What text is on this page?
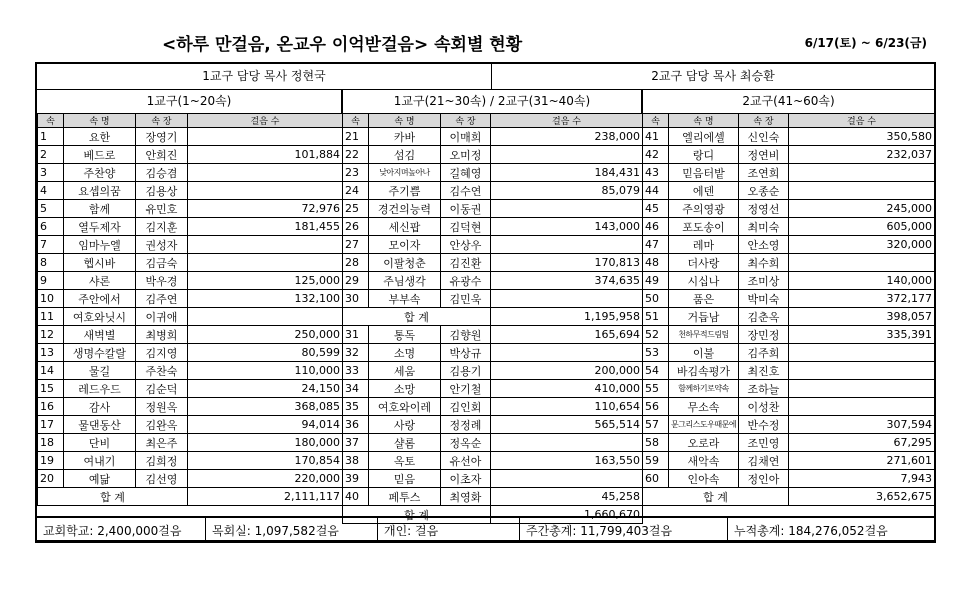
<하루 만걸음, 온교우 이억받걸음> 속회별 현황	6/17(토) ~ 6/23(금)
1교구 담당 목사 정현국	2교구 담당 목사 최승환
1교구(1~20속)	1교구(21~30속) / 2교구(31~40속)	2교구(41~60속)
속	속 명	속 장	걸음 수
1	요한	장영기	
2	베드로	안희진	101,884
3	주찬양	김승겸	
4	요셉의꿈	김용상	
5	함께	유민호	72,976
6	열두제자	김지훈	181,455
7	임마누엘	권성자	
8	헵시바	김금숙	
9	샤론	박우경	125,000
10	주안에서	김주연	132,100
11	여호와닛시	이귀애	
12	새벽별	최병희	250,000
13	생명수칼랄	김지영	80,599
14	물길	주찬숙	110,000
15	레드우드	김순덕	24,150
16	감사	정원옥	368,085
17	물댄동산	김완옥	94,014
18	단비	최은주	180,000
19	여내기	김희정	170,854
20	예닮	김선영	220,000
합 계			2,111,117
속	속 명	속 장	걸음 수
21	카바	이매희	238,000
22	섬김	오미정	
23	낮아지며높아나	길혜영	184,431
24	주기쁨	김수연	85,079
25	경건의능력	이동권	
26	세신팝	김덕현	143,000
27	모이자	안상우	
28	이팔청춘	김진환	170,813
29	주님생각	유광수	374,635
30	부부속	김민욱	
합 계			1,195,958
31	통독	김향원	165,694
32	소명	박상규	
33	세움	김용기	200,000
34	소망	안기철	410,000
35	여호와이레	김인회	110,654
36	사랑	정정례	565,514
37	샬롬	정옥순	
38	옥토	유선아	163,550
39	믿음	이초자	
40	페투스	최영화	45,258
합 계			1,660,670
속	속 명	속 장	걸음 수
41	엘리에셀	신인숙	350,580
42	랑디	정연비	232,037
43	믿음터밭	조연희	
44	에덴	오종순	
45	주의영광	정영선	245,000
46	포도송이	최미숙	605,000
47	레마	안소영	320,000
48	더사랑	최수희	
49	시십나	조미상	140,000
50	품은	박미숙	372,177
51	거듭남	김춘옥	398,057
52	천하무적드림팀	장민정	335,391
53	이불	김주희	
54	바김속평가	최진호	
55	함께하기로약속	조하늘	
56	무소속	이성찬	
57	문그리스도우때문에	반수정	307,594
58	오로라	조민영	67,295
59	새악속	김채연	271,601
60	인아속	정인아	7,943
합 계			3,652,675
교회학교: 2,400,000걸음	목회실: 1,097,582걸음	개인: 걸음	주간총계: 11,799,403걸음	누적총계: 184,276,052걸음
